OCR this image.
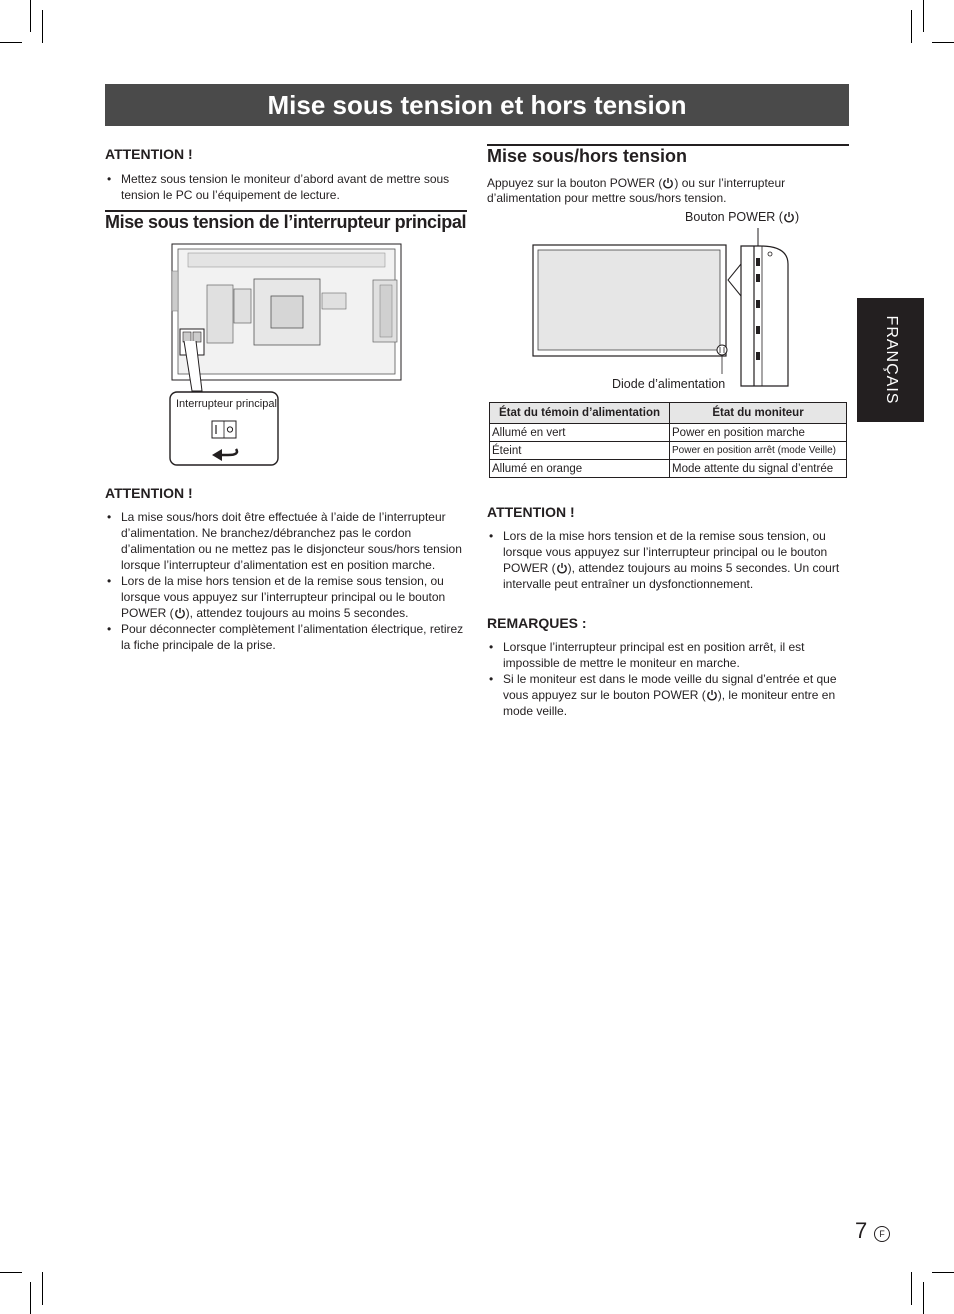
Mise sous tension et hors tension
FRANÇAIS
ATTENTION !
• Mettez sous tension le moniteur d’abord avant de mettre sous tension le PC ou l’équipement de lecture.
Mise sous tension de l’interrupteur principal
Interrupteur principal
ATTENTION !
• La mise sous/hors doit être effectuée à l’aide de l’interrupteur d’alimentation. Ne branchez/débranchez pas le cordon d’alimentation ou ne mettez pas le disjoncteur sous/hors tension lorsque l’interrupteur d’alimentation est en position marche.
• Lors de la mise hors tension et de la remise sous tension, ou lorsque vous appuyez sur l’interrupteur principal ou le bouton POWER ( ), attendez toujours au moins 5 secondes.
• Pour déconnecter complètement l’alimentation électrique, retirez la fiche principale de la prise.
Mise sous/hors tension
Appuyez sur la bouton POWER ( ) ou sur l’interrupteur d’alimentation pour mettre sous/hors tension.
Bouton POWER ( )
Diode d’alimentation
État du témoin d’alimentation	État du moniteur
Allumé en vert	Power en position marche
Éteint	Power en position arrêt (mode Veille)
Allumé en orange	Mode attente du signal d’entrée
ATTENTION !
• Lors de la mise hors tension et de la remise sous tension, ou lorsque vous appuyez sur l’interrupteur principal ou le bouton POWER ( ), attendez toujours au moins 5 secondes. Un court intervalle peut entraîner un dysfonctionnement.
REMARQUES :
• Lorsque l’interrupteur principal est en position arrêt, il est impossible de mettre le moniteur en marche.
• Si le moniteur est dans le mode veille du signal d’entrée et que vous appuyez sur le bouton POWER ( ), le moniteur entre en mode veille.
7	F
